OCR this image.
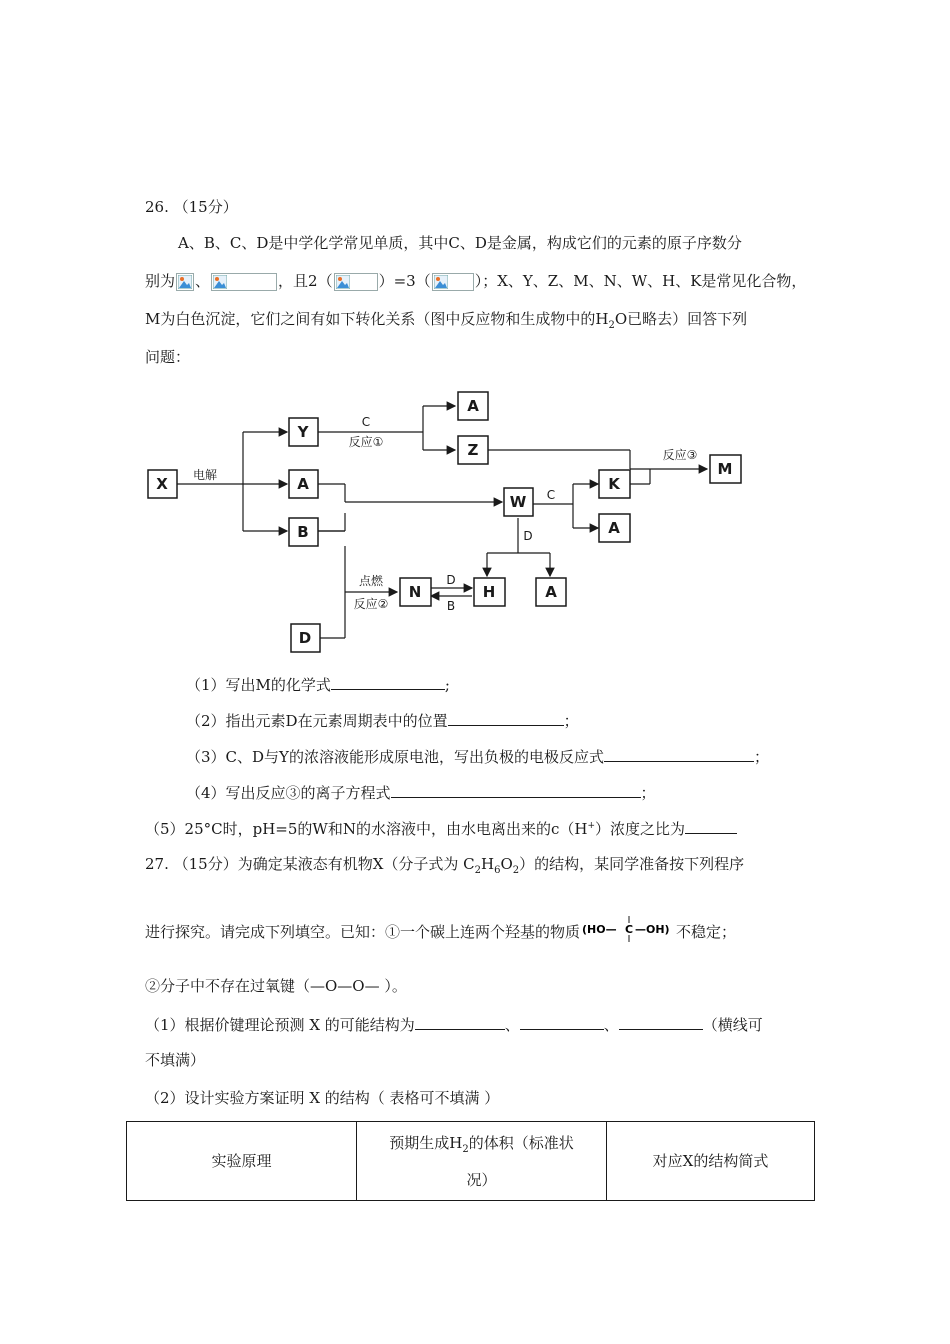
26. （15分）
A、B、C、D是中学化学常见单质，其中C、D是金属，构成它们的元素的原子序数分
别为 、	，且2（	）=3（	）；X、Y、Z、M、N、W、H、K是常见化合物，
M为白色沉淀，它们之间有如下转化关系（图中反应物和生成物中的$H_2O$已略去）回答下列
问题：
X
Y
A
Z
A
B
D
N	H	A
W
K
A
M
电解
C
反应①
反应③
C
D
点燃
反应②
D
B
（1）写出M的化学式	;
（2）指出元素D在元素周期表中的位置	；
（3）C、D与Y的浓溶液能形成原电池，写出负极的电极反应式	；
（4）写出反应③的离子方程式	；
（5）25°C时，pH=5的W和N的水溶液中，由水电离出来的c（H+）浓度之比为
27. （15分）为确定某液态有机物X（分子式为 $C_2H_6O_2$）的结构，某同学准备按下列程序
进行探究。请完成下列填空。已知：①一个碳上连两个羟基的物质 (HO— C —OH) 不稳定；
②分子中不存在过氧键（—O—O— ）。
（1）根据价键理论预测 X 的可能结构为	、	、	（横线可
不填满）
（2）设计实验方案证明 X 的结构（ 表格可不填满 ）
实验原理	预期生成$H_2$的体积（标准状
况）	对应X的结构简式
